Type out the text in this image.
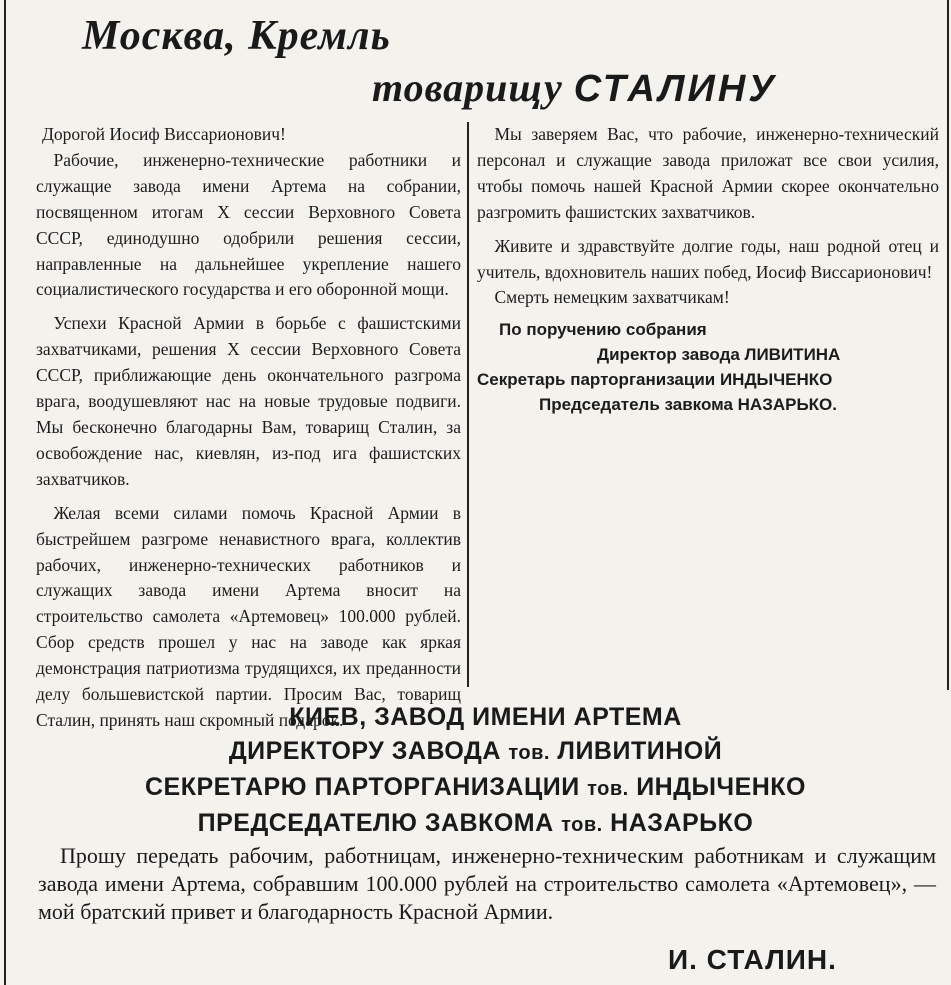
Москва, Кремль
товарищу СТАЛИНУ

Дорогой Иосиф Виссарионович!

 Рабочие, инженерно-технические работники и служащие завода имени Артема на собрании, посвященном итогам X сессии Верховного Совета СССР, единодушно одобрили решения сессии, направленные на дальнейшее укрепление нашего социалистического государства и его оборонной мощи.

 Успехи Красной Армии в борьбе с фашистскими захватчиками, решения X сессии Верховного Совета СССР, приближающие день окончательного разгрома врага, воодушевляют нас на новые трудовые подвиги. Мы бесконечно благодарны Вам, товарищ Сталин, за освобождение нас, киевлян, из-под ига фашистских захватчиков.

 Желая всеми силами помочь Красной Армии в быстрейшем разгроме ненавистного врага, коллектив рабочих, инженерно-технических работников и служащих завода имени Артема вносит на строительство самолета «Артемовец» 100.000 рублей. Сбор средств прошел у нас на заводе как яркая демонстрация патриотизма трудящихся, их преданности делу большевистской партии. Просим Вас, товарищ Сталин, принять наш скромный подарок.

 Мы заверяем Вас, что рабочие, инженерно-технический персонал и служащие завода приложат все свои усилия, чтобы помочь нашей Красной Армии скорее окончательно разгромить фашистских захватчиков.

 Живите и здравствуйте долгие годы, наш родной отец и учитель, вдохновитель наших побед, Иосиф Виссарионович!

 Смерть немецким захватчикам!

По поручению собрания
Директор завода ЛИВИТИНА
Секретарь парторганизации ИНДЫЧЕНКО
Председатель завкома НАЗАРЬКО.
КИЕВ, ЗАВОД ИМЕНИ АРТЕМА
ДИРЕКТОРУ ЗАВОДА тов. ЛИВИТИНОЙ
СЕКРЕТАРЮ ПАРТОРГАНИЗАЦИИ тов. ИНДЫЧЕНКО
ПРЕДСЕДАТЕЛЮ ЗАВКОМА тов. НАЗАРЬКО

 Прошу передать рабочим, работницам, инженерно-техническим работникам и служащим завода имени Артема, собравшим 100.000 рублей на строительство самолета «Артемовец», — мой братский привет и благодарность Красной Армии.

И. СТАЛИН.
